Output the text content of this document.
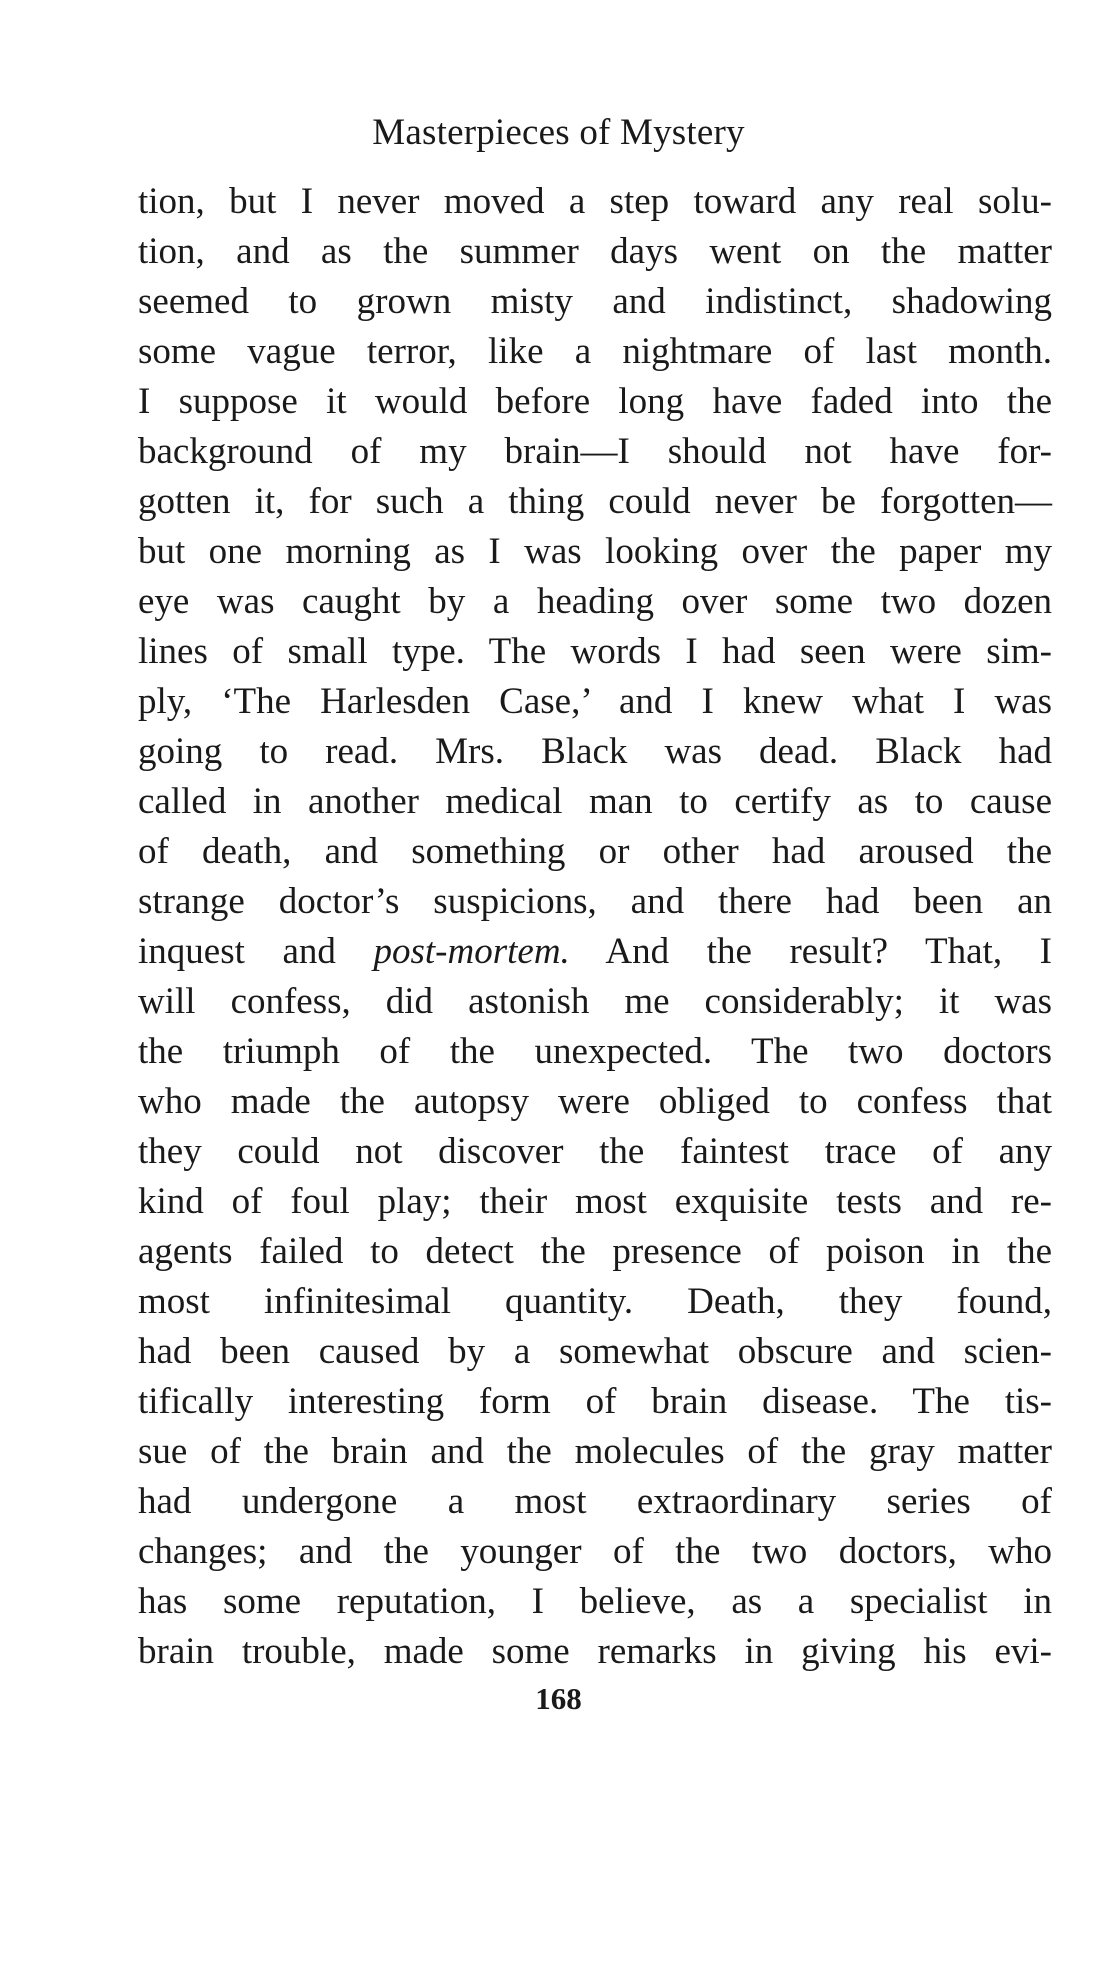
Masterpieces of Mystery
tion, but I never moved a step toward any real solu-
tion, and as the summer days went on the matter
seemed to grown misty and indistinct, shadowing
some vague terror, like a nightmare of last month.
I suppose it would before long have faded into the
background of my brain—I should not have for-
gotten it, for such a thing could never be forgotten—
but one morning as I was looking over the paper my
eye was caught by a heading over some two dozen
lines of small type. The words I had seen were sim-
ply, ‘The Harlesden Case,’ and I knew what I was
going to read. Mrs. Black was dead. Black had
called in another medical man to certify as to cause
of death, and something or other had aroused the
strange doctor’s suspicions, and there had been an
inquest and post-mortem. And the result? That, I
will confess, did astonish me considerably; it was
the triumph of the unexpected. The two doctors
who made the autopsy were obliged to confess that
they could not discover the faintest trace of any
kind of foul play; their most exquisite tests and re-
agents failed to detect the presence of poison in the
most infinitesimal quantity. Death, they found,
had been caused by a somewhat obscure and scien-
tifically interesting form of brain disease. The tis-
sue of the brain and the molecules of the gray matter
had undergone a most extraordinary series of
changes; and the younger of the two doctors, who
has some reputation, I believe, as a specialist in
brain trouble, made some remarks in giving his evi-
168
